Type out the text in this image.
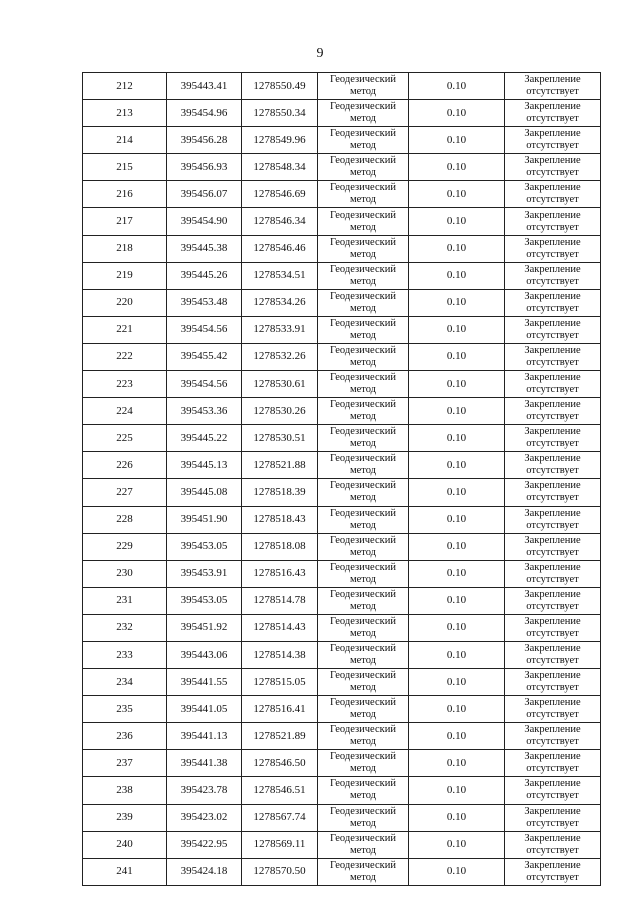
9
212	395443.41	1278550.49	Геодезический
метод	0.10	Закрепление
отсутствует

213	395454.96	1278550.34	Геодезический
метод	0.10	Закрепление
отсутствует

214	395456.28	1278549.96	Геодезический
метод	0.10	Закрепление
отсутствует

215	395456.93	1278548.34	Геодезический
метод	0.10	Закрепление
отсутствует

216	395456.07	1278546.69	Геодезический
метод	0.10	Закрепление
отсутствует

217	395454.90	1278546.34	Геодезический
метод	0.10	Закрепление
отсутствует

218	395445.38	1278546.46	Геодезический
метод	0.10	Закрепление
отсутствует

219	395445.26	1278534.51	Геодезический
метод	0.10	Закрепление
отсутствует

220	395453.48	1278534.26	Геодезический
метод	0.10	Закрепление
отсутствует

221	395454.56	1278533.91	Геодезический
метод	0.10	Закрепление
отсутствует

222	395455.42	1278532.26	Геодезический
метод	0.10	Закрепление
отсутствует

223	395454.56	1278530.61	Геодезический
метод	0.10	Закрепление
отсутствует

224	395453.36	1278530.26	Геодезический
метод	0.10	Закрепление
отсутствует

225	395445.22	1278530.51	Геодезический
метод	0.10	Закрепление
отсутствует

226	395445.13	1278521.88	Геодезический
метод	0.10	Закрепление
отсутствует

227	395445.08	1278518.39	Геодезический
метод	0.10	Закрепление
отсутствует

228	395451.90	1278518.43	Геодезический
метод	0.10	Закрепление
отсутствует

229	395453.05	1278518.08	Геодезический
метод	0.10	Закрепление
отсутствует

230	395453.91	1278516.43	Геодезический
метод	0.10	Закрепление
отсутствует

231	395453.05	1278514.78	Геодезический
метод	0.10	Закрепление
отсутствует

232	395451.92	1278514.43	Геодезический
метод	0.10	Закрепление
отсутствует

233	395443.06	1278514.38	Геодезический
метод	0.10	Закрепление
отсутствует

234	395441.55	1278515.05	Геодезический
метод	0.10	Закрепление
отсутствует

235	395441.05	1278516.41	Геодезический
метод	0.10	Закрепление
отсутствует

236	395441.13	1278521.89	Геодезический
метод	0.10	Закрепление
отсутствует

237	395441.38	1278546.50	Геодезический
метод	0.10	Закрепление
отсутствует

238	395423.78	1278546.51	Геодезический
метод	0.10	Закрепление
отсутствует

239	395423.02	1278567.74	Геодезический
метод	0.10	Закрепление
отсутствует

240	395422.95	1278569.11	Геодезический
метод	0.10	Закрепление
отсутствует

241	395424.18	1278570.50	Геодезический
метод	0.10	Закрепление
отсутствует
